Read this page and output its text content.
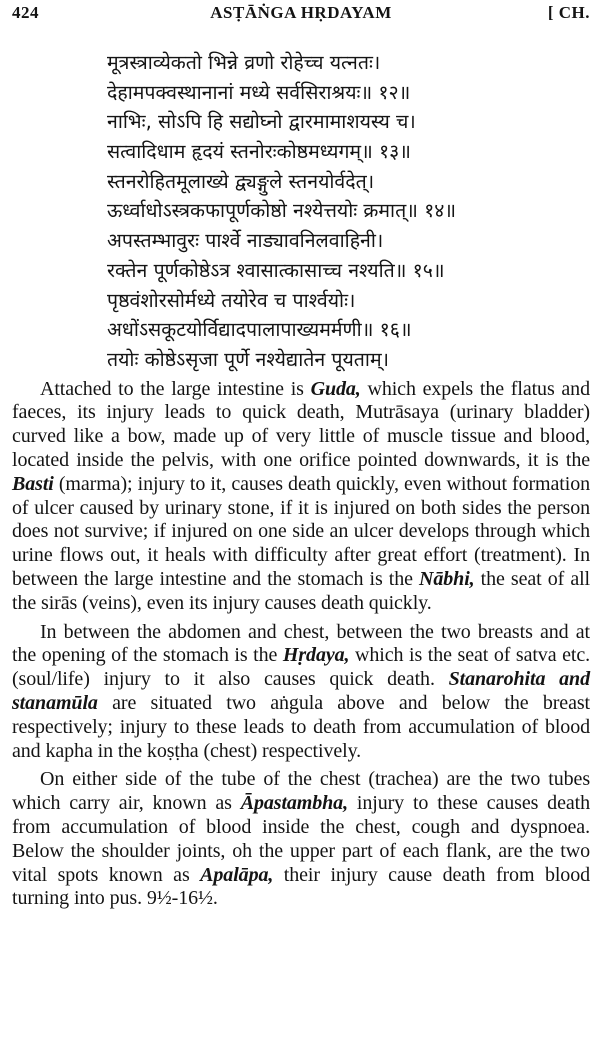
424	ASṬĀṄGA HṚDAYAM	[ CH.
मूत्रस्त्राव्येकतो भिन्ने व्रणो रोहेच्च यत्नतः।
देहामपक्वस्थानानां मध्ये सर्वसिराश्रयः॥ १२॥
नाभिः, सोऽपि हि सद्योघ्नो द्वारमामाशयस्य च।
सत्वादिधाम हृदयं स्तनोरःकोष्ठमध्यगम्॥ १३॥
स्तनरोहितमूलाख्ये द्व्यङ्गुले स्तनयोर्वदेत्।
ऊर्ध्वाधोऽस्त्रकफापूर्णकोष्ठो नश्येत्तयोः क्रमात्॥ १४॥
अपस्तम्भावुरः पार्श्वे नाड्यावनिलवाहिनी।
रक्तेन पूर्णकोष्ठेऽत्र श्वासात्कासाच्च नश्यति॥ १५॥
पृष्ठवंशोरसोर्मध्ये तयोरेव च पार्श्वयोः।
अधोंऽसकूटयोर्विद्यादपालापाख्यमर्मणी॥ १६॥
तयोः कोष्ठेऽसृजा पूर्णे नश्येद्यातेन पूयताम्।

Attached to the large intestine is Guda, which expels the flatus and faeces, its injury leads to quick death, Mutrāsaya (urinary bladder) curved like a bow, made up of very little of muscle tissue and blood, located inside the pelvis, with one orifice pointed downwards, it is the Basti (marma); injury to it, causes death quickly, even without formation of ulcer caused by urinary stone, if it is injured on both sides the person does not survive; if injured on one side an ulcer develops through which urine flows out, it heals with difficulty after great effort (treatment). In between the large intestine and the stomach is the Nābhi, the seat of all the sirās (veins), even its injury causes death quickly.

In between the abdomen and chest, between the two breasts and at the opening of the stomach is the Hṛdaya, which is the seat of satva etc. (soul/life) injury to it also causes quick death. Stanarohita and stanamūla are situated two aṅgula above and below the breast respectively; injury to these leads to death from accumulation of blood and kapha in the koṣṭha (chest) respectively.

On either side of the tube of the chest (trachea) are the two tubes which carry air, known as Āpastambha, injury to these causes death from accumulation of blood inside the chest, cough and dyspnoea. Below the shoulder joints, oh the upper part of each flank, are the two vital spots known as Apalāpa, their injury cause death from blood turning into pus. 9½-16½.
